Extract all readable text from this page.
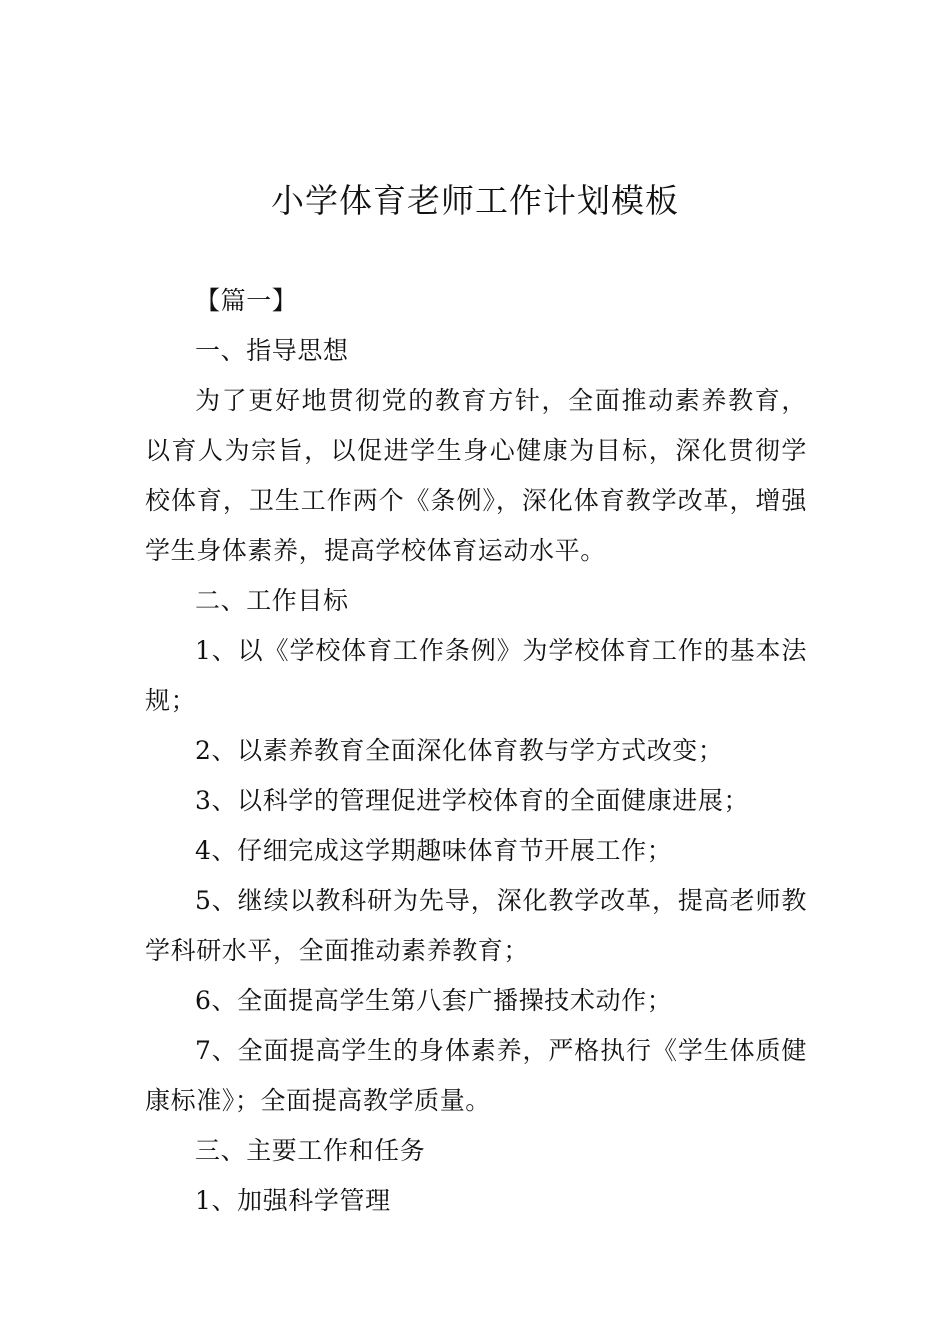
小学体育老师工作计划模板

【篇一】

一、指导思想

为了更好地贯彻党的教育方针，全面推动素养教育，以育人为宗旨，以促进学生身心健康为目标，深化贯彻学校体育，卫生工作两个《条例》，深化体育教学改革，增强学生身体素养，提高学校体育运动水平。

二、工作目标

1、以《学校体育工作条例》为学校体育工作的基本法规；

2、以素养教育全面深化体育教与学方式改变；

3、以科学的管理促进学校体育的全面健康进展；

4、仔细完成这学期趣味体育节开展工作；

5、继续以教科研为先导，深化教学改革，提高老师教学科研水平，全面推动素养教育；

6、全面提高学生第八套广播操技术动作；

7、全面提高学生的身体素养，严格执行《学生体质健康标准》；全面提高教学质量。

三、主要工作和任务

1、加强科学管理
